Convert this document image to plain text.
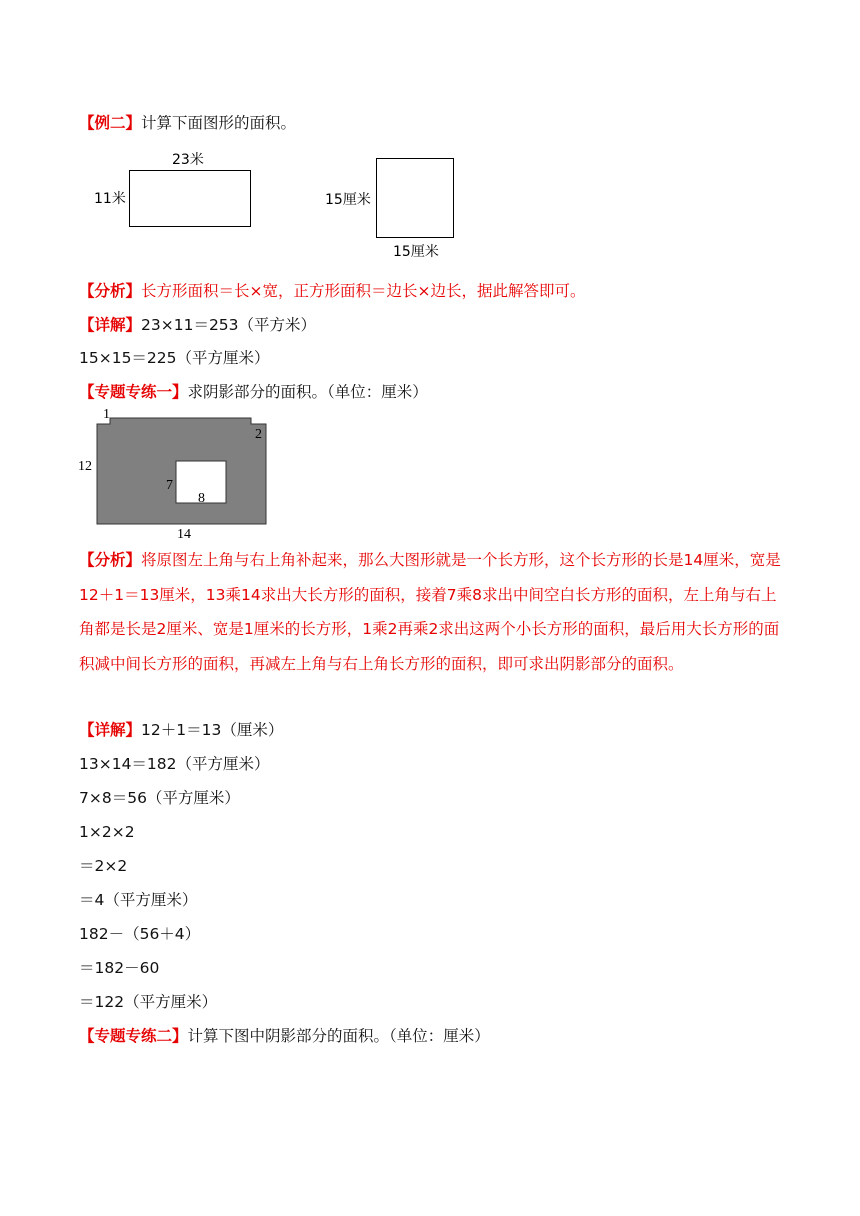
【例二】计算下面图形的面积。
23米
11米	15厘米
15厘米
【分析】长方形面积＝长×宽，正方形面积＝边长×边长，据此解答即可。
【详解】23×11＝253（平方米）
15×15＝225（平方厘米）
【专题专练一】求阴影部分的面积。（单位：厘米）
1
2
12
7
8
14
【分析】将原图左上角与右上角补起来，那么大图形就是一个长方形，这个长方形的长是14厘米，宽是12＋1＝13厘米，13乘14求出大长方形的面积，接着7乘8求出中间空白长方形的面积，左上角与右上角都是长是2厘米、宽是1厘米的长方形，1乘2再乘2求出这两个小长方形的面积，最后用大长方形的面积减中间长方形的面积，再减左上角与右上角长方形的面积，即可求出阴影部分的面积。
【详解】12＋1＝13（厘米）
13×14＝182（平方厘米）
7×8＝56（平方厘米）
1×2×2
＝2×2
＝4（平方厘米）
182－（56＋4）
＝182－60
＝122（平方厘米）
【专题专练二】计算下图中阴影部分的面积。（单位：厘米）
